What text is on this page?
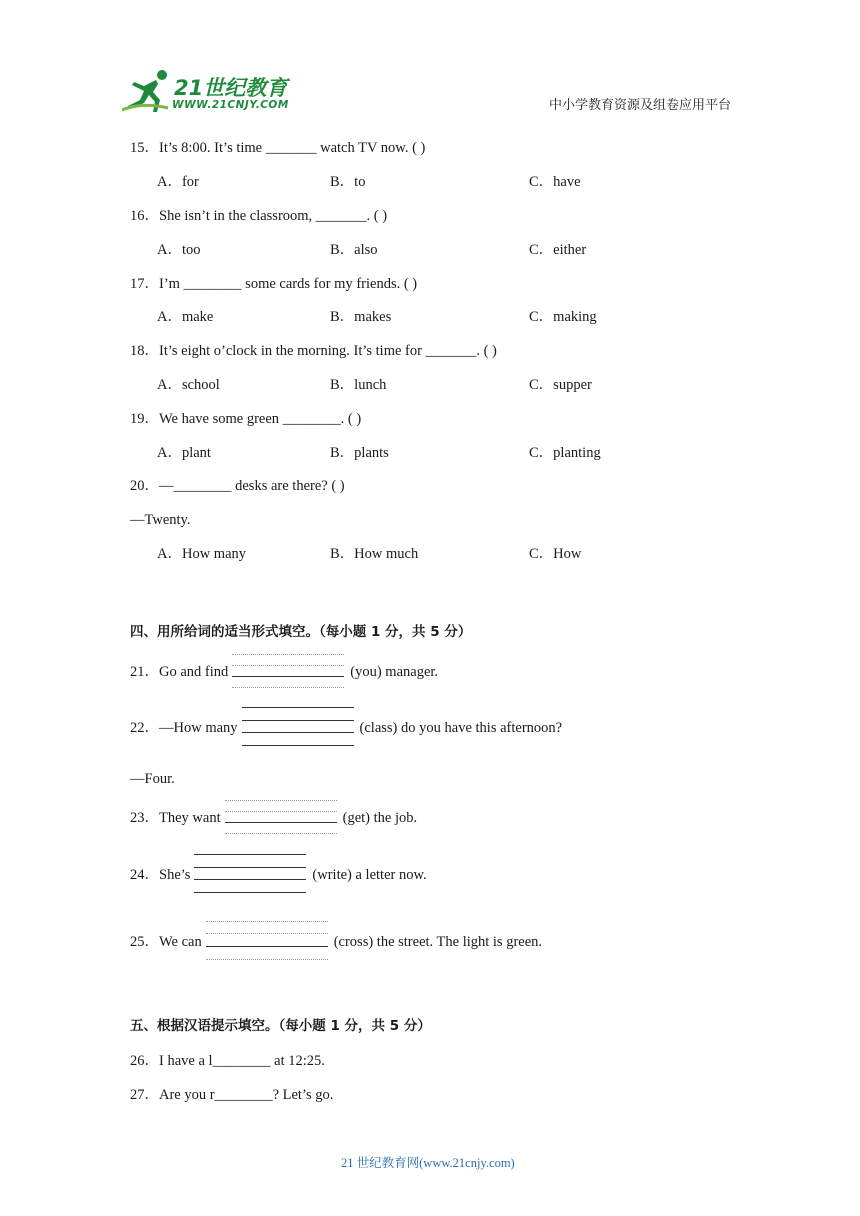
21世纪教育
WWW.21CNJY.COM	中小学教育资源及组卷应用平台
15．It’s 8:00. It’s time _______ watch TV now. ( )
A．for	B．to	C．have
16．She isn’t in the classroom, _______. ( )
A．too	B．also	C．either
17．I’m ________ some cards for my friends. ( )
A．make	B．makes	C．making
18．It’s eight o’clock in the morning. It’s time for _______. ( )
A．school	B．lunch	C．supper
19．We have some green ________. ( )
A．plant	B．plants	C．planting
20．—________ desks are there? ( )
—Twenty.
A．How many	B．How much	C．How
四、用所给词的适当形式填空。（每小题 1 分，共 5 分）
21．Go and find	(you) manager.
22．—How many	(class) do you have this afternoon?
—Four.
23．They want	(get) the job.
24．She’s	(write) a letter now.
25．We can	(cross) the street. The light is green.
五、根据汉语提示填空。（每小题 1 分，共 5 分）
26．I have a l________ at 12:25.
27．Are you r________? Let’s go.
21 世纪教育网(www.21cnjy.com)
